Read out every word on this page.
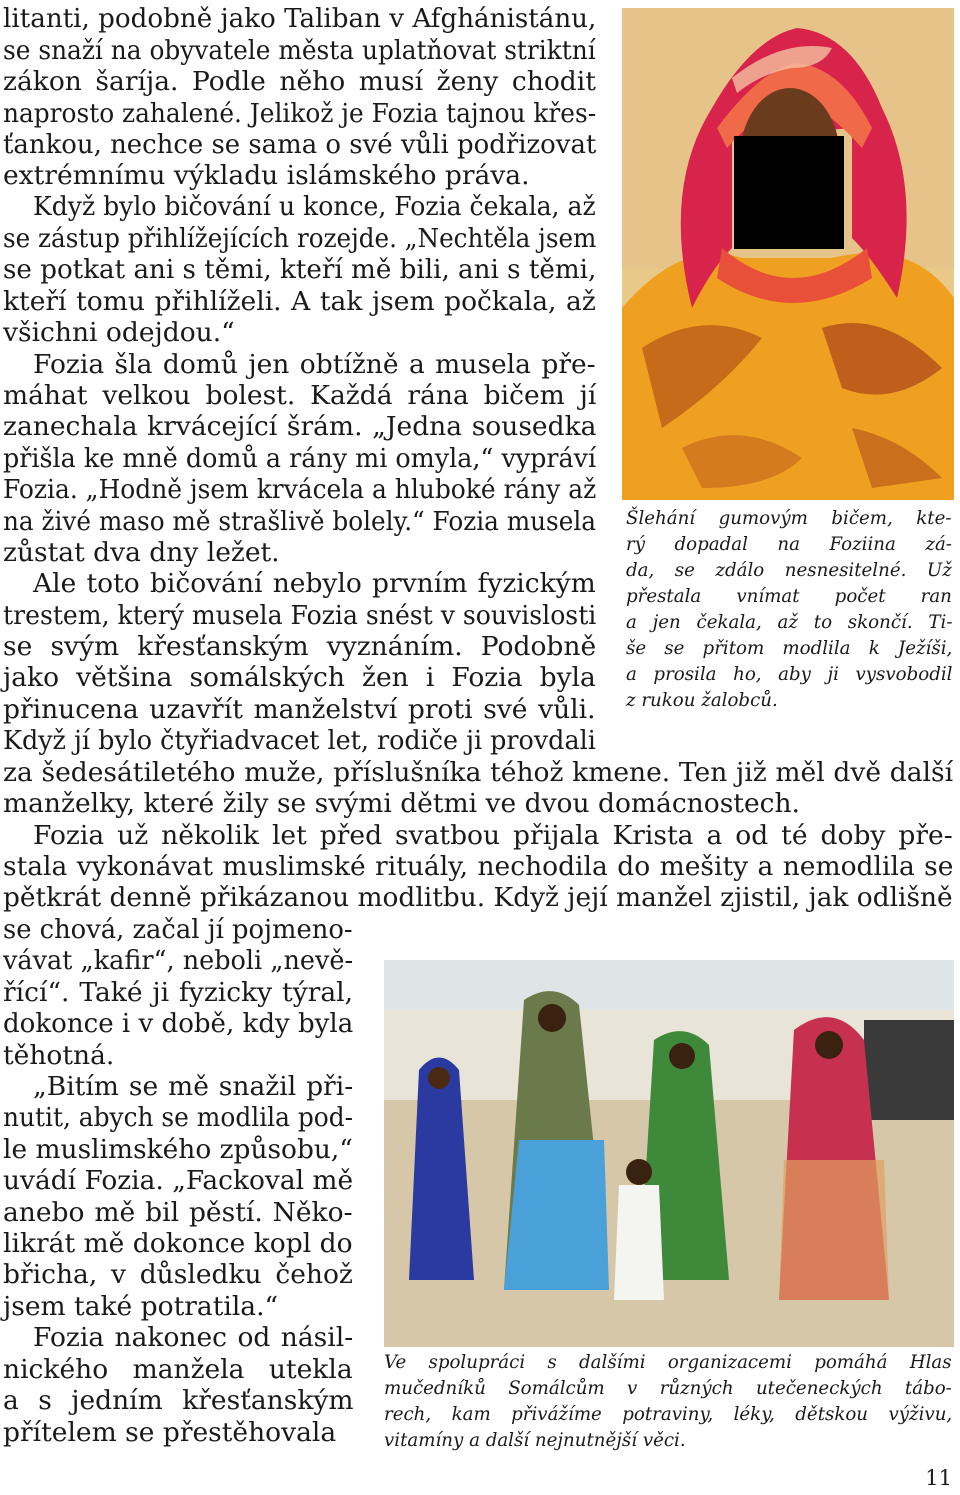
litanti, podobně jako Taliban v Afghánistánu,
se snaží na obyvatele města uplatňovat striktní
zákon šaríja. Podle něho musí ženy chodit
naprosto zahalené. Jelikož je Fozia tajnou křes-
ťankou, nechce se sama o své vůli podřizovat
extrémnímu výkladu islámského práva.
Když bylo bičování u konce, Fozia čekala, až
se zástup přihlížejících rozejde. „Nechtěla jsem
se potkat ani s těmi, kteří mě bili, ani s těmi,
kteří tomu přihlíželi. A tak jsem počkala, až
všichni odejdou.“
Fozia šla domů jen obtížně a musela pře-
máhat velkou bolest. Každá rána bičem jí
zanechala krvácející šrám. „Jedna sousedka
přišla ke mně domů a rány mi omyla,“ vypráví
Fozia. „Hodně jsem krvácela a hluboké rány až
na živé maso mě strašlivě bolely.“ Fozia musela
zůstat dva dny ležet.
Ale toto bičování nebylo prvním fyzickým
trestem, který musela Fozia snést v souvislosti
se svým křesťanským vyznáním. Podobně
jako většina somálských žen i Fozia byla
přinucena uzavřít manželství proti své vůli.
Když jí bylo čtyřiadvacet let, rodiče ji provdali
za šedesátiletého muže, příslušníka téhož kmene. Ten již měl dvě další
manželky, které žily se svými dětmi ve dvou domácnostech.
Fozia už několik let před svatbou přijala Krista a od té doby pře-
stala vykonávat muslimské rituály, nechodila do mešity a nemodlila se
pětkrát denně přikázanou modlitbu. Když její manžel zjistil, jak odlišně
se chová, začal jí pojmeno-
vávat „kafir“, neboli „nevě-
řící“. Také ji fyzicky týral,
dokonce i v době, kdy byla
těhotná.
„Bitím se mě snažil při-
nutit, abych se modlila pod-
le muslimského způsobu,“
uvádí Fozia. „Fackoval mě
anebo mě bil pěstí. Něko-
likrát mě dokonce kopl do
břicha, v důsledku čehož
jsem také potratila.“
Fozia nakonec od násil-
nického manžela utekla
a s jedním křesťanským
přítelem se přestěhovala
Šlehání gumovým bičem, kte-
rý dopadal na Foziina zá-
da, se zdálo nesnesitelné. Už
přestala vnímat počet ran
a jen čekala, až to skončí. Ti-
še se přitom modlila k Ježíši,
a prosila ho, aby ji vysvobodil
z rukou žalobců.
Ve spolupráci s dalšími organizacemi pomáhá Hlas
mučedníků Somálcům v různých utečeneckých tábo-
rech, kam přivážíme potraviny, léky, dětskou výživu,
vitamíny a další nejnutnější věci.
11
